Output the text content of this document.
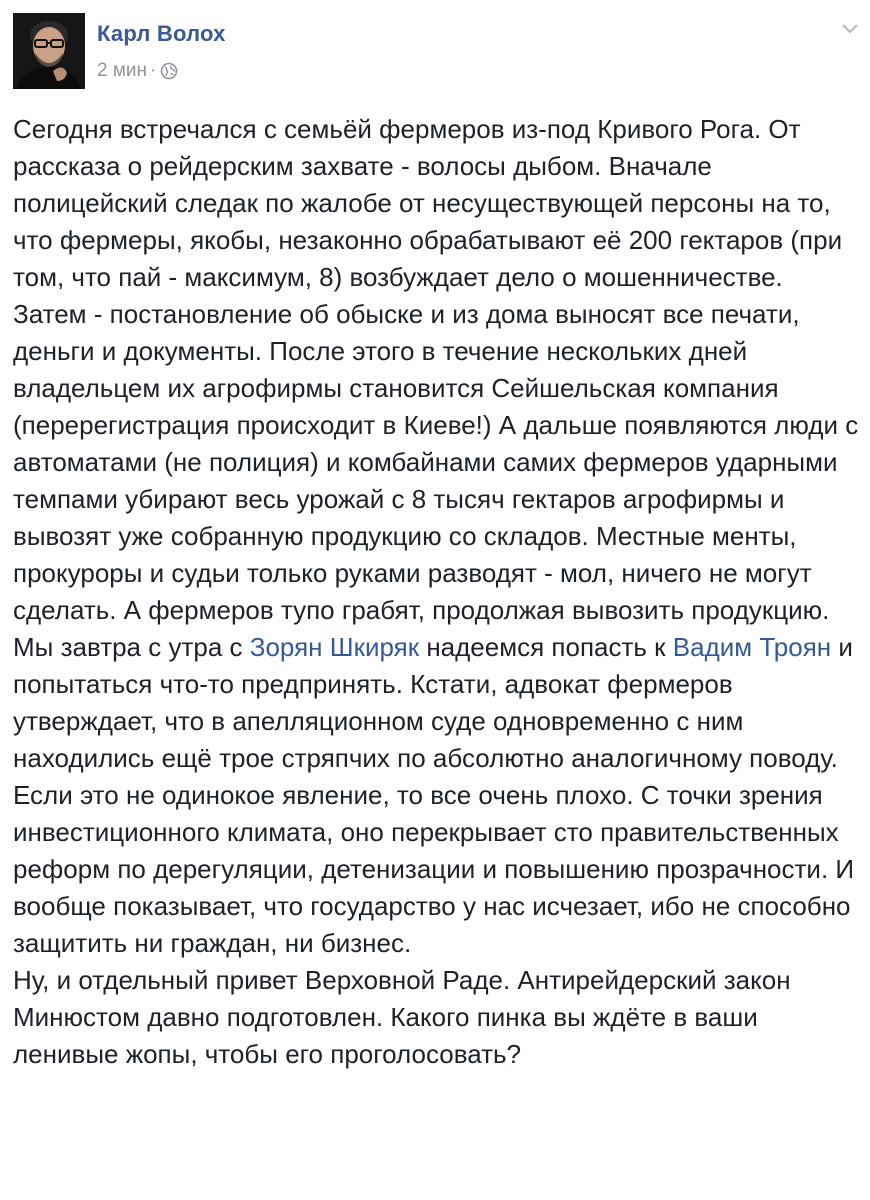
Карл Волох
2 мин ·

Сегодня встречался с семьёй фермеров из-под Кривого Рога. От рассказа о рейдерским захвате - волосы дыбом. Вначале полицейский следак по жалобе от несуществующей персоны на то, что фермеры, якобы, незаконно обрабатывают её 200 гектаров (при том, что пай - максимум, 8) возбуждает дело о мошенничестве. Затем - постановление об обыске и из дома выносят все печати, деньги и документы. После этого в течение нескольких дней владельцем их агрофирмы становится Сейшельская компания (перерегистрация происходит в Киеве!) А дальше появляются люди с автоматами (не полиция) и комбайнами самих фермеров ударными темпами убирают весь урожай с 8 тысяч гектаров агрофирмы и вывозят уже собранную продукцию со складов. Местные менты, прокуроры и судьи только руками разводят - мол, ничего не могут сделать. А фермеров тупо грабят, продолжая вывозить продукцию.

Мы завтра с утра с Зорян Шкиряк надеемся попасть к Вадим Троян и попытаться что-то предпринять. Кстати, адвокат фермеров утверждает, что в апелляционном суде одновременно с ним находились ещё трое стряпчих по абсолютно аналогичному поводу. Если это не одинокое явление, то все очень плохо. С точки зрения инвестиционного климата, оно перекрывает сто правительственных реформ по дерегуляции, детенизации и повышению прозрачности. И вообще показывает, что государство у нас исчезает, ибо не способно защитить ни граждан, ни бизнес.

Ну, и отдельный привет Верховной Раде. Антирейдерский закон Минюстом давно подготовлен. Какого пинка вы ждёте в ваши ленивые жопы, чтобы его проголосовать?
